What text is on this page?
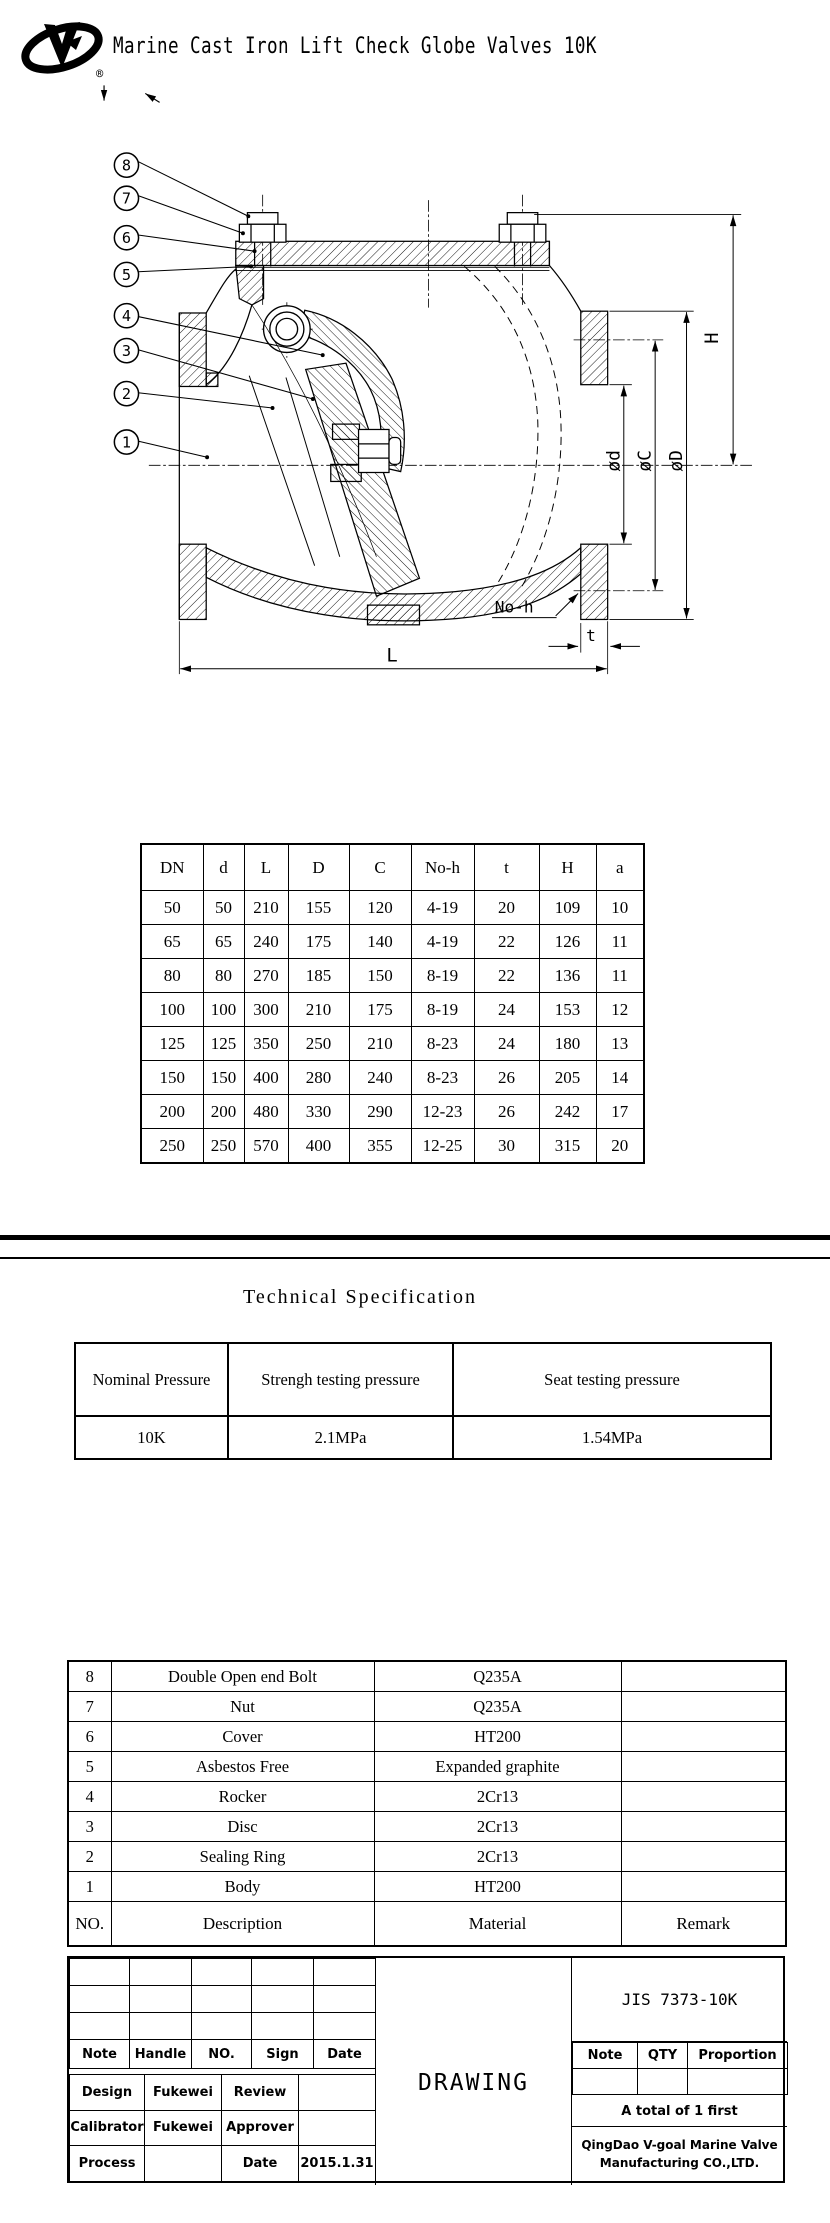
®
Marine Cast Iron Lift Check Globe Valves 10K
8
7
6
5
4
3
2
1
L
H
ød øC øD
No-h
t
DN	d	L	D	C	No-h	t	H	a
50	50	210	155	120	4-19	20	109	10
65	65	240	175	140	4-19	22	126	11
80	80	270	185	150	8-19	22	136	11
100	100	300	210	175	8-19	24	153	12
125	125	350	250	210	8-23	24	180	13
150	150	400	280	240	8-23	26	205	14
200	200	480	330	290	12-23	26	242	17
250	250	570	400	355	12-25	30	315	20
Technical Specification
Nominal Pressure	Strengh testing pressure	Seat testing pressure
10K	2.1MPa	1.54MPa
8	Double Open end Bolt	Q235A	
7	Nut	Q235A	
6	Cover	HT200	
5	Asbestos Free	Expanded graphite	
4	Rocker	2Cr13	
3	Disc	2Cr13	
2	Sealing Ring	2Cr13	
1	Body	HT200	
NO.	Description	Material	Remark

Note	Handle	NO.	Sign	Date
Design	Fukewei	Review	
Calibrator	Fukewei	Approver	
Process		Date	2015.1.31
DRAWING
JIS 7373-10K
Note	QTY	Proportion

A total of 1 first
QingDao V-goal Marine Valve
Manufacturing CO.,LTD.
